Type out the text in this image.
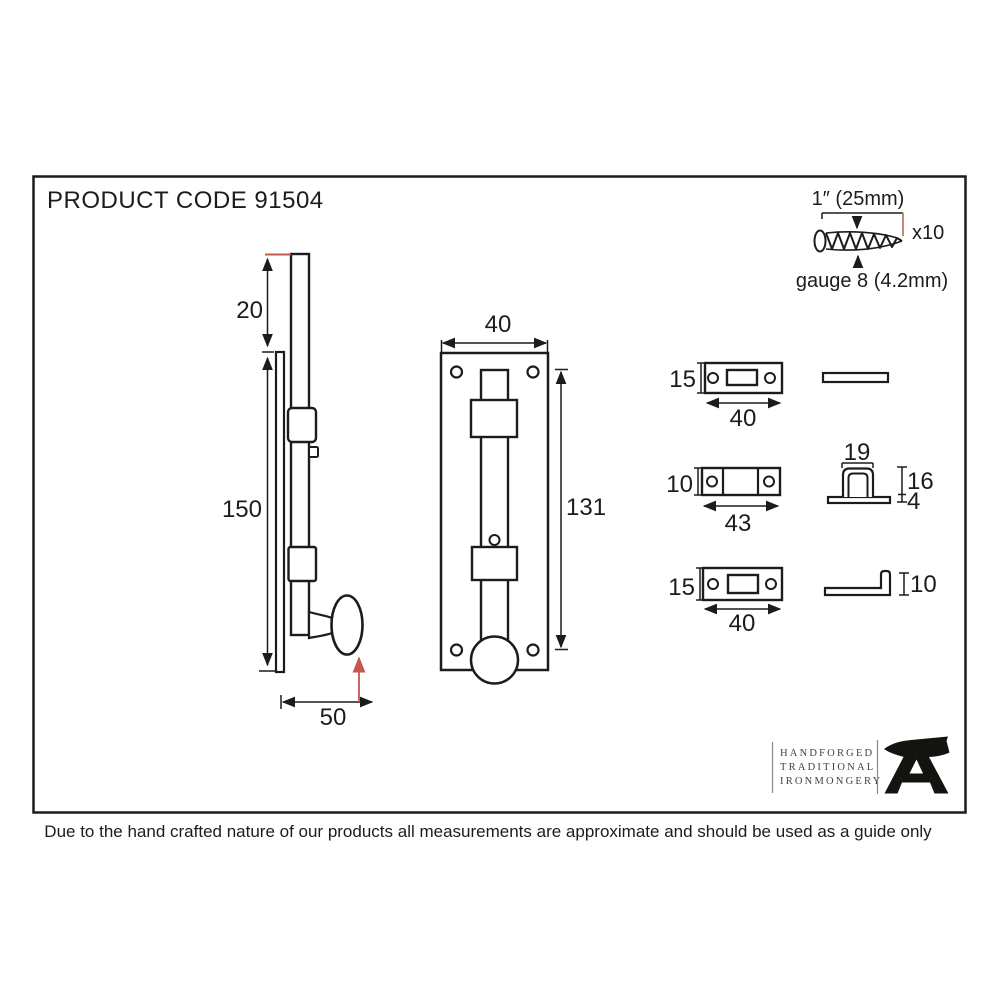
PRODUCT CODE 91504
20
150
50
40
131
15
40
10
43
19
16
4
15
40
10
1″ (25mm)
x10
gauge 8 (4.2mm)
HANDFORGED
TRADITIONAL
IRONMONGERY
Due to the hand crafted nature of our products all measurements are approximate and should be used as a guide only
